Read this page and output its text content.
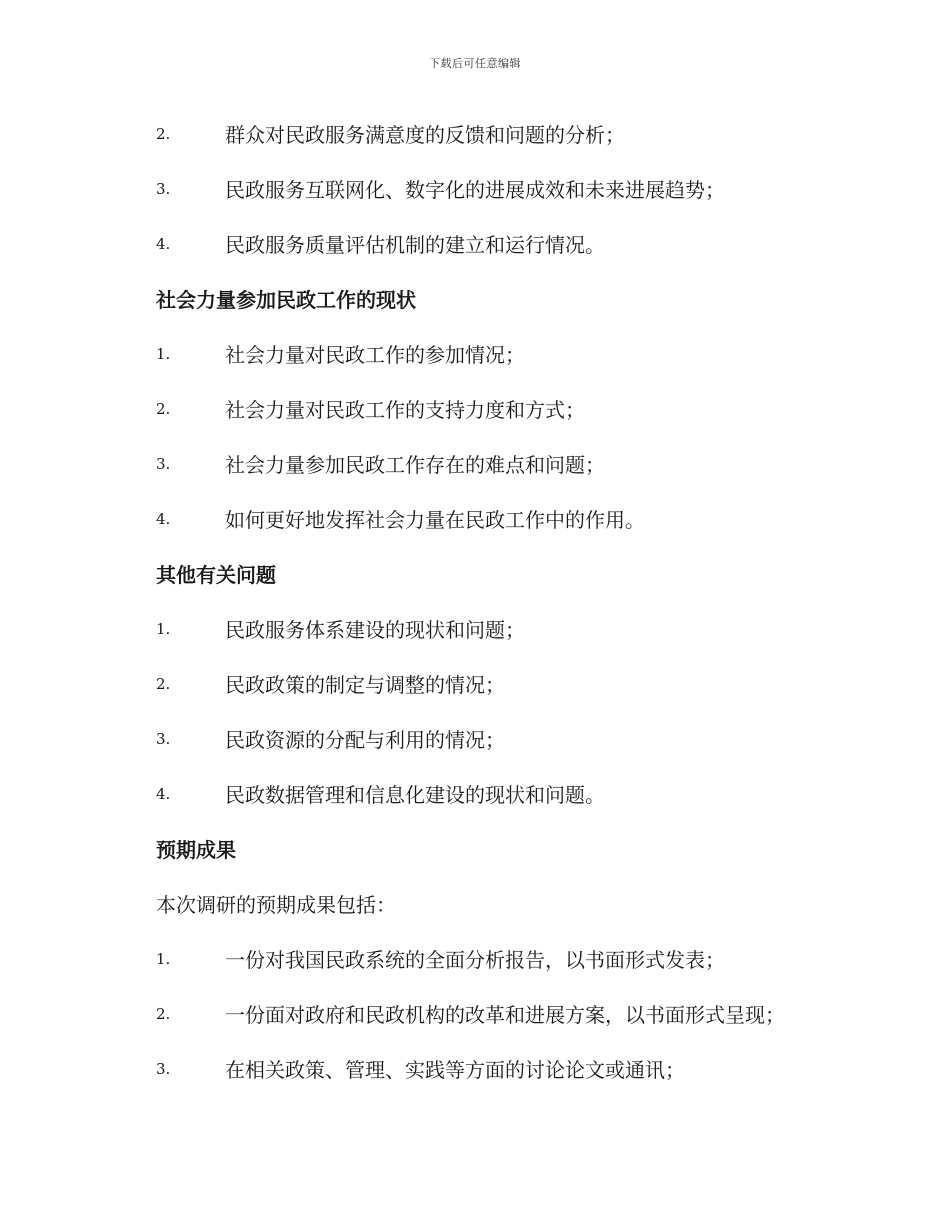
下载后可任意编辑
2.	群众对民政服务满意度的反馈和问题的分析；
3.	民政服务互联网化、数字化的进展成效和未来进展趋势；
4.	民政服务质量评估机制的建立和运行情况。
社会力量参加民政工作的现状
1.	社会力量对民政工作的参加情况；
2.	社会力量对民政工作的支持力度和方式；
3.	社会力量参加民政工作存在的难点和问题；
4.	如何更好地发挥社会力量在民政工作中的作用。
其他有关问题
1.	民政服务体系建设的现状和问题；
2.	民政政策的制定与调整的情况；
3.	民政资源的分配与利用的情况；
4.	民政数据管理和信息化建设的现状和问题。
预期成果
本次调研的预期成果包括：
1.	一份对我国民政系统的全面分析报告，以书面形式发表；
2.	一份面对政府和民政机构的改革和进展方案，以书面形式呈现；
3.	在相关政策、管理、实践等方面的讨论论文或通讯；
